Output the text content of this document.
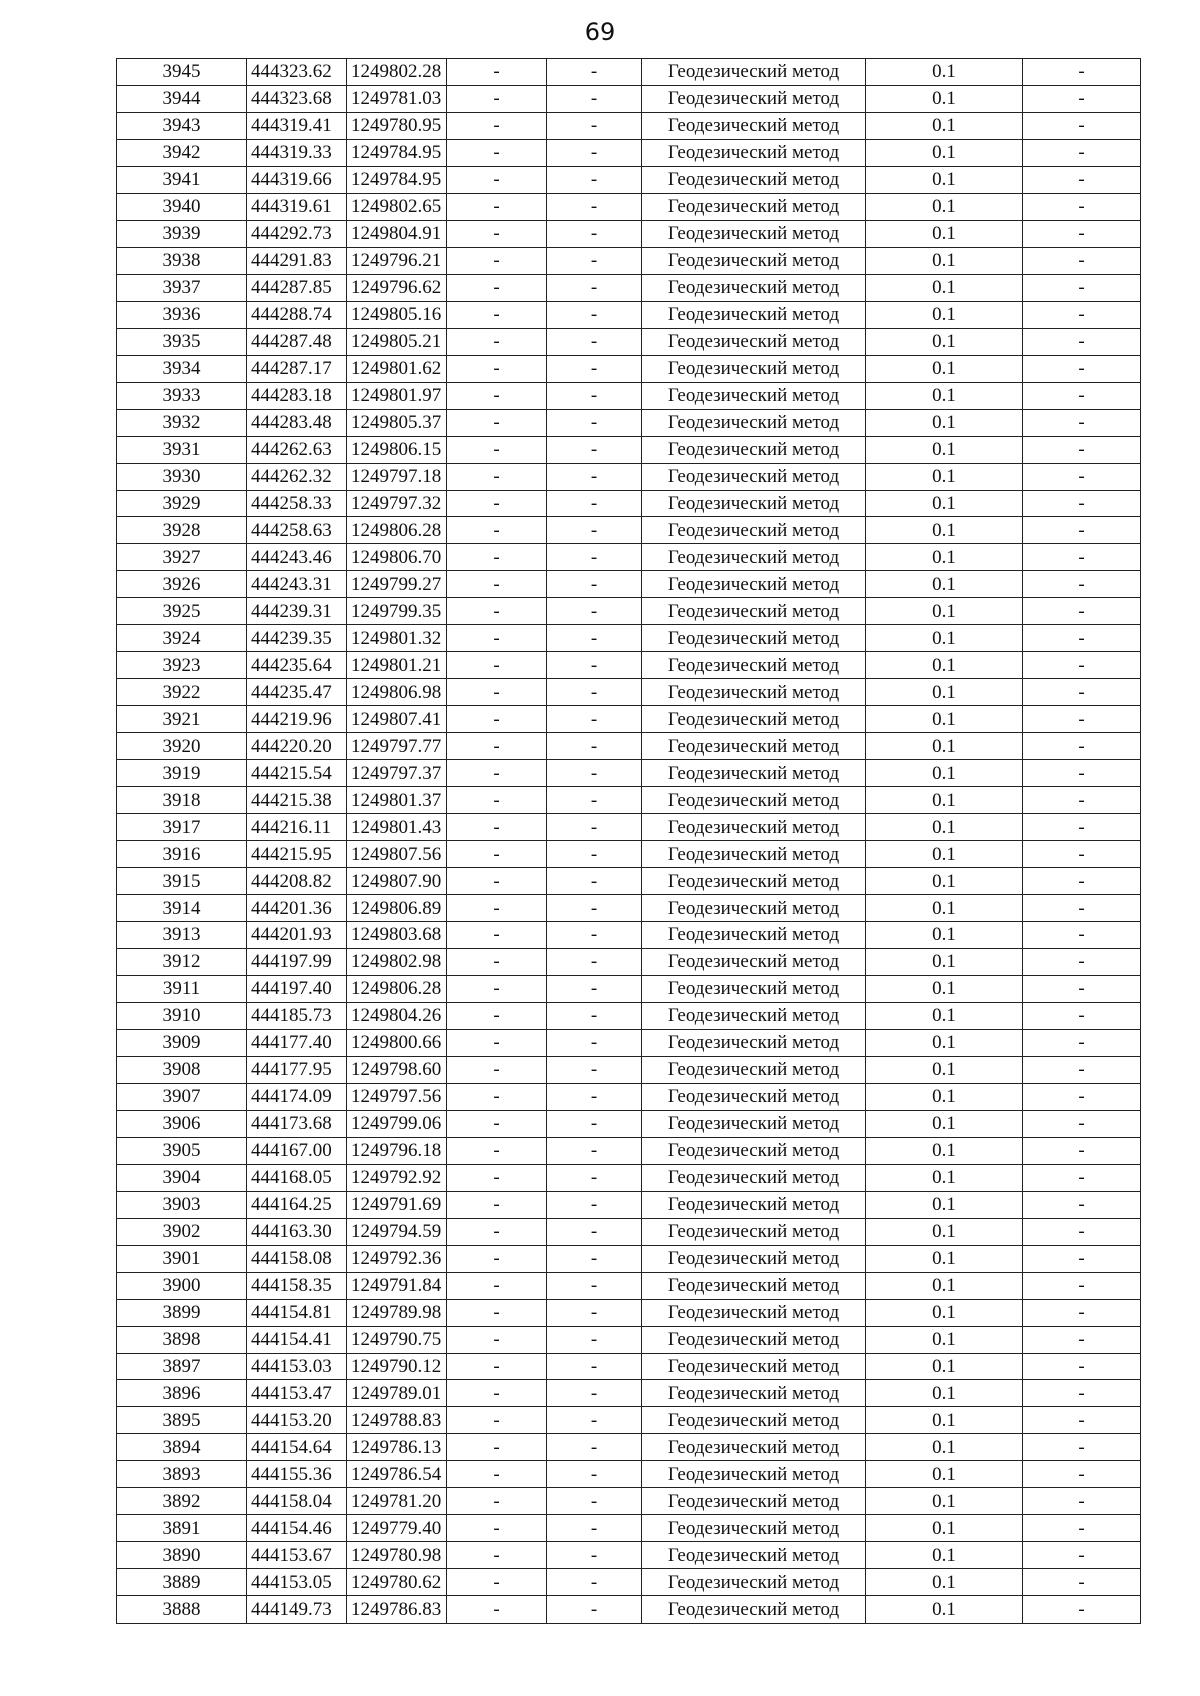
69
3945	444323.62	1249802.28	-	-	Геодезический метод	0.1	-
3944	444323.68	1249781.03	-	-	Геодезический метод	0.1	-
3943	444319.41	1249780.95	-	-	Геодезический метод	0.1	-
3942	444319.33	1249784.95	-	-	Геодезический метод	0.1	-
3941	444319.66	1249784.95	-	-	Геодезический метод	0.1	-
3940	444319.61	1249802.65	-	-	Геодезический метод	0.1	-
3939	444292.73	1249804.91	-	-	Геодезический метод	0.1	-
3938	444291.83	1249796.21	-	-	Геодезический метод	0.1	-
3937	444287.85	1249796.62	-	-	Геодезический метод	0.1	-
3936	444288.74	1249805.16	-	-	Геодезический метод	0.1	-
3935	444287.48	1249805.21	-	-	Геодезический метод	0.1	-
3934	444287.17	1249801.62	-	-	Геодезический метод	0.1	-
3933	444283.18	1249801.97	-	-	Геодезический метод	0.1	-
3932	444283.48	1249805.37	-	-	Геодезический метод	0.1	-
3931	444262.63	1249806.15	-	-	Геодезический метод	0.1	-
3930	444262.32	1249797.18	-	-	Геодезический метод	0.1	-
3929	444258.33	1249797.32	-	-	Геодезический метод	0.1	-
3928	444258.63	1249806.28	-	-	Геодезический метод	0.1	-
3927	444243.46	1249806.70	-	-	Геодезический метод	0.1	-
3926	444243.31	1249799.27	-	-	Геодезический метод	0.1	-
3925	444239.31	1249799.35	-	-	Геодезический метод	0.1	-
3924	444239.35	1249801.32	-	-	Геодезический метод	0.1	-
3923	444235.64	1249801.21	-	-	Геодезический метод	0.1	-
3922	444235.47	1249806.98	-	-	Геодезический метод	0.1	-
3921	444219.96	1249807.41	-	-	Геодезический метод	0.1	-
3920	444220.20	1249797.77	-	-	Геодезический метод	0.1	-
3919	444215.54	1249797.37	-	-	Геодезический метод	0.1	-
3918	444215.38	1249801.37	-	-	Геодезический метод	0.1	-
3917	444216.11	1249801.43	-	-	Геодезический метод	0.1	-
3916	444215.95	1249807.56	-	-	Геодезический метод	0.1	-
3915	444208.82	1249807.90	-	-	Геодезический метод	0.1	-
3914	444201.36	1249806.89	-	-	Геодезический метод	0.1	-
3913	444201.93	1249803.68	-	-	Геодезический метод	0.1	-
3912	444197.99	1249802.98	-	-	Геодезический метод	0.1	-
3911	444197.40	1249806.28	-	-	Геодезический метод	0.1	-
3910	444185.73	1249804.26	-	-	Геодезический метод	0.1	-
3909	444177.40	1249800.66	-	-	Геодезический метод	0.1	-
3908	444177.95	1249798.60	-	-	Геодезический метод	0.1	-
3907	444174.09	1249797.56	-	-	Геодезический метод	0.1	-
3906	444173.68	1249799.06	-	-	Геодезический метод	0.1	-
3905	444167.00	1249796.18	-	-	Геодезический метод	0.1	-
3904	444168.05	1249792.92	-	-	Геодезический метод	0.1	-
3903	444164.25	1249791.69	-	-	Геодезический метод	0.1	-
3902	444163.30	1249794.59	-	-	Геодезический метод	0.1	-
3901	444158.08	1249792.36	-	-	Геодезический метод	0.1	-
3900	444158.35	1249791.84	-	-	Геодезический метод	0.1	-
3899	444154.81	1249789.98	-	-	Геодезический метод	0.1	-
3898	444154.41	1249790.75	-	-	Геодезический метод	0.1	-
3897	444153.03	1249790.12	-	-	Геодезический метод	0.1	-
3896	444153.47	1249789.01	-	-	Геодезический метод	0.1	-
3895	444153.20	1249788.83	-	-	Геодезический метод	0.1	-
3894	444154.64	1249786.13	-	-	Геодезический метод	0.1	-
3893	444155.36	1249786.54	-	-	Геодезический метод	0.1	-
3892	444158.04	1249781.20	-	-	Геодезический метод	0.1	-
3891	444154.46	1249779.40	-	-	Геодезический метод	0.1	-
3890	444153.67	1249780.98	-	-	Геодезический метод	0.1	-
3889	444153.05	1249780.62	-	-	Геодезический метод	0.1	-
3888	444149.73	1249786.83	-	-	Геодезический метод	0.1	-
